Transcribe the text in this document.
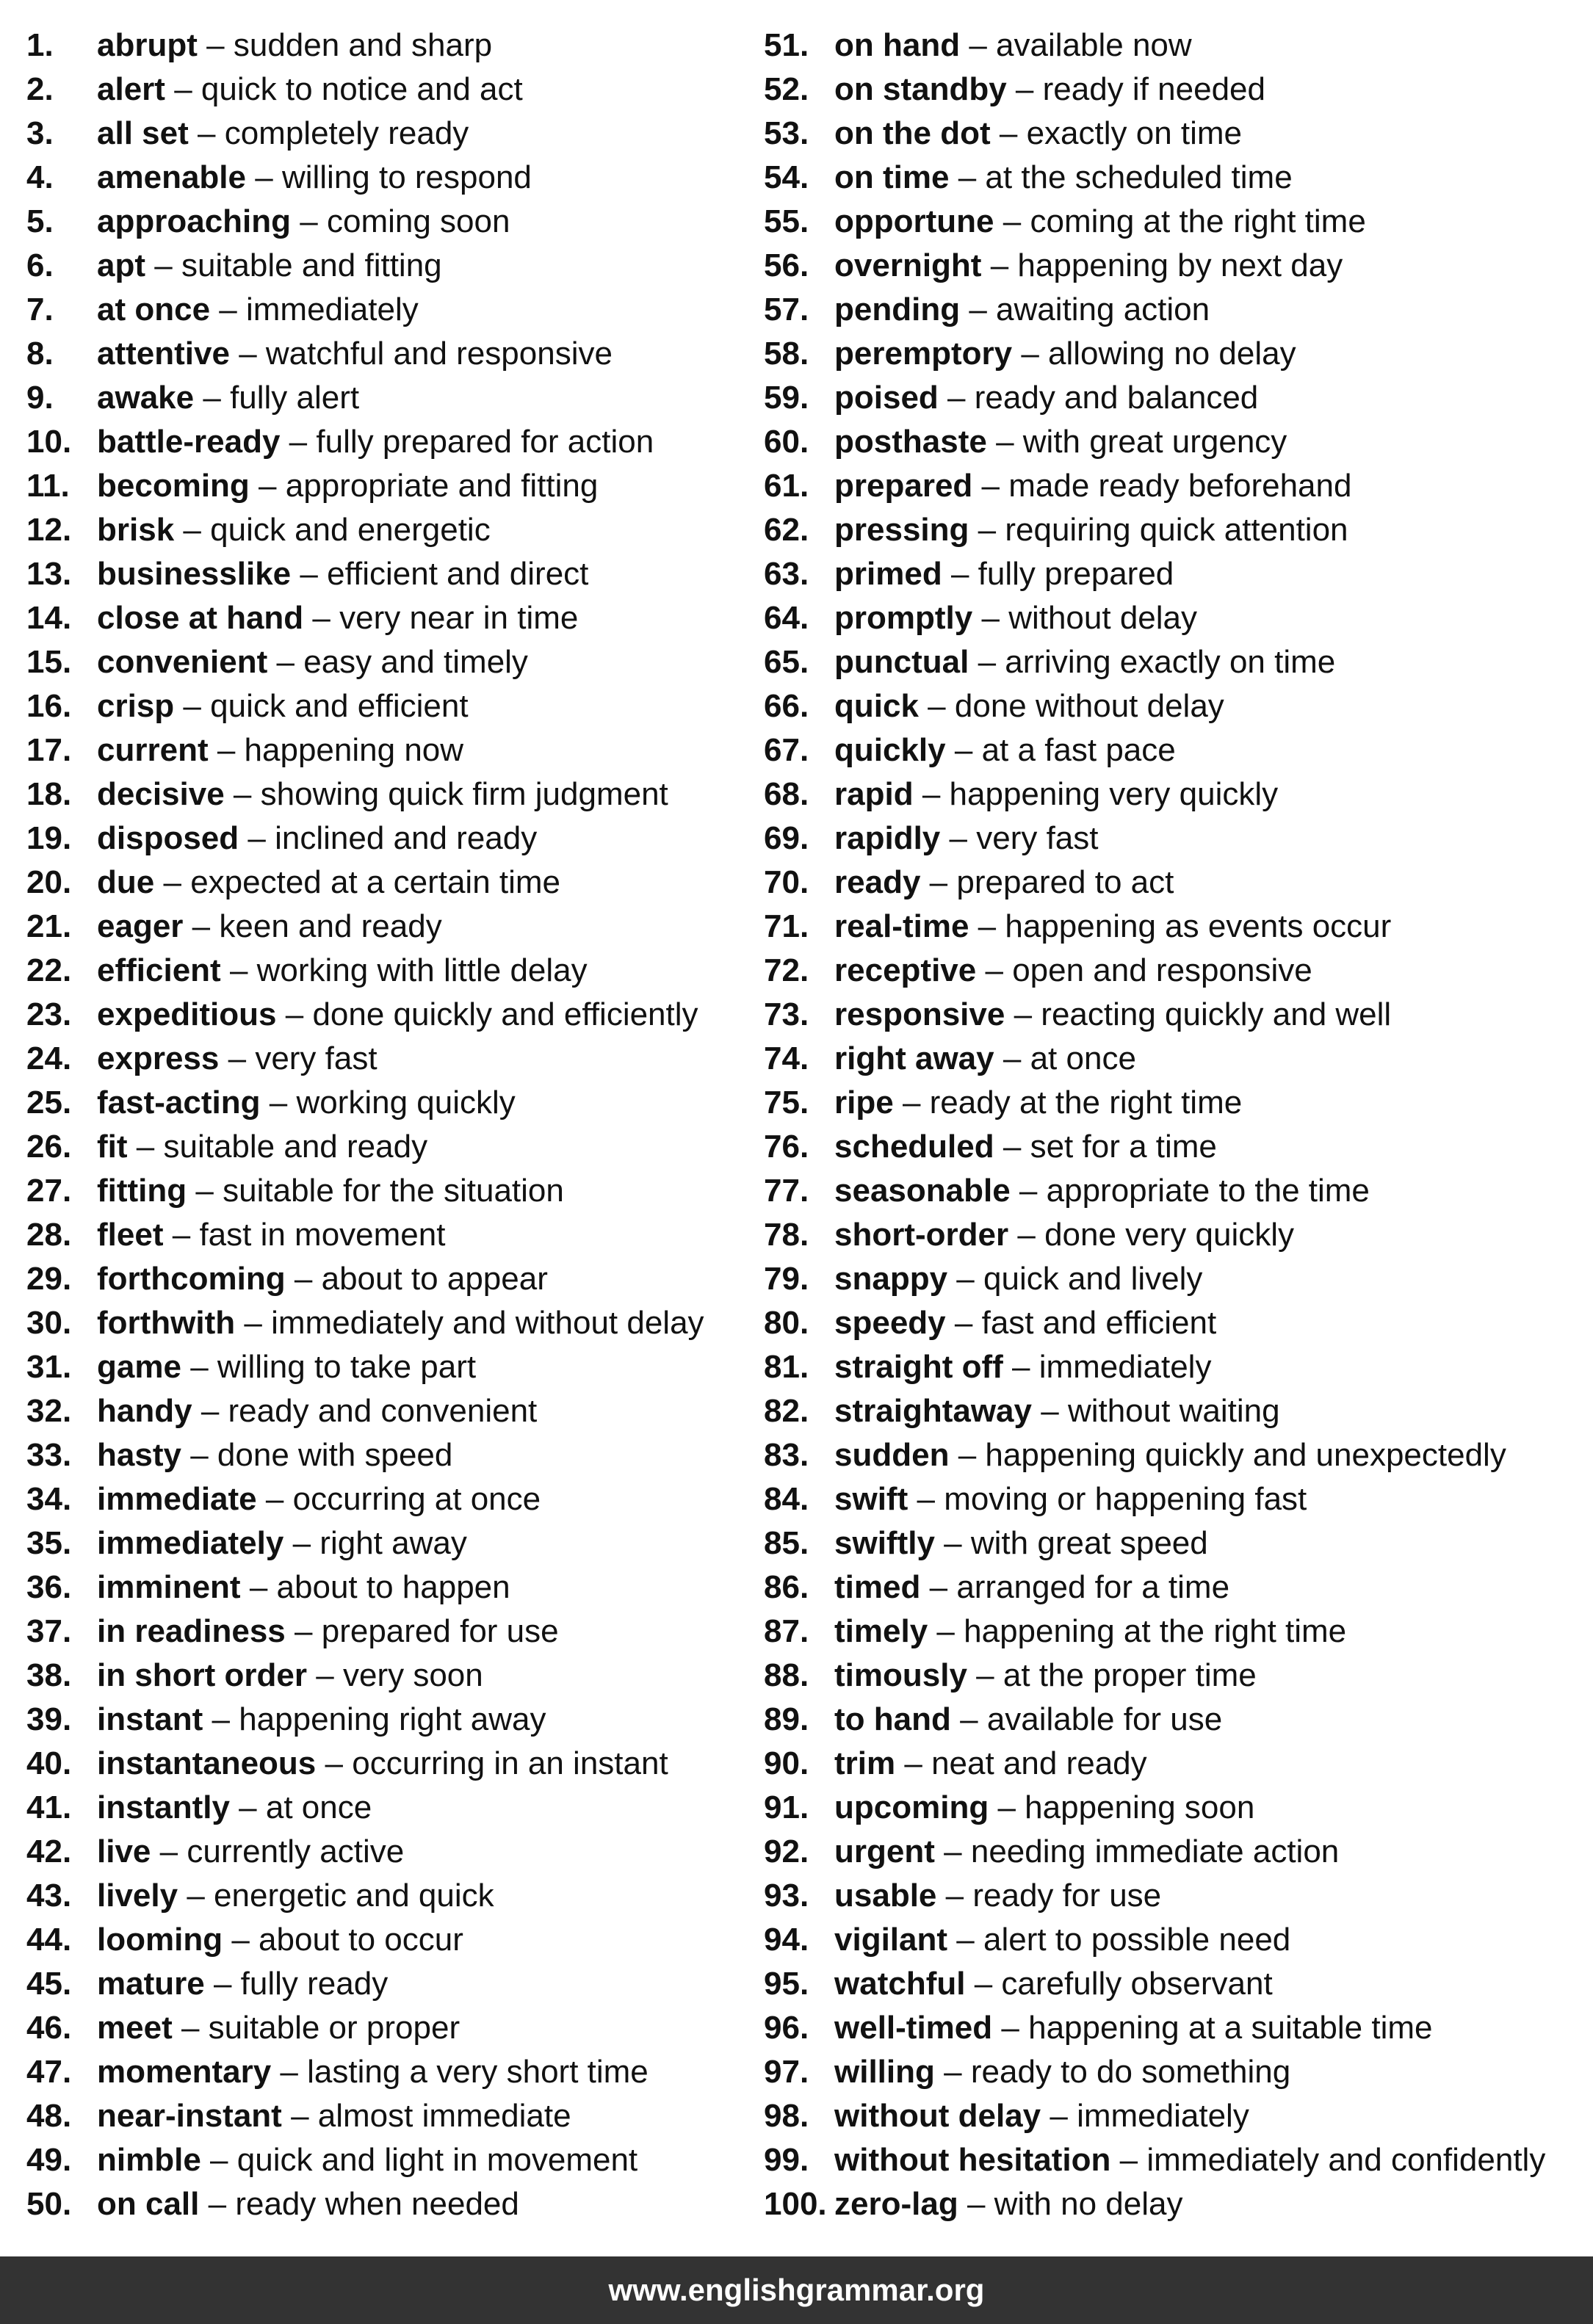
1. abrupt – sudden and sharp
2. alert – quick to notice and act
3. all set – completely ready
4. amenable – willing to respond
5. approaching – coming soon
6. apt – suitable and fitting
7. at once – immediately
8. attentive – watchful and responsive
9. awake – fully alert
10. battle-ready – fully prepared for action
11. becoming – appropriate and fitting
12. brisk – quick and energetic
13. businesslike – efficient and direct
14. close at hand – very near in time
15. convenient – easy and timely
16. crisp – quick and efficient
17. current – happening now
18. decisive – showing quick firm judgment
19. disposed – inclined and ready
20. due – expected at a certain time
21. eager – keen and ready
22. efficient – working with little delay
23. expeditious – done quickly and efficiently
24. express – very fast
25. fast-acting – working quickly
26. fit – suitable and ready
27. fitting – suitable for the situation
28. fleet – fast in movement
29. forthcoming – about to appear
30. forthwith – immediately and without delay
31. game – willing to take part
32. handy – ready and convenient
33. hasty – done with speed
34. immediate – occurring at once
35. immediately – right away
36. imminent – about to happen
37. in readiness – prepared for use
38. in short order – very soon
39. instant – happening right away
40. instantaneous – occurring in an instant
41. instantly – at once
42. live – currently active
43. lively – energetic and quick
44. looming – about to occur
45. mature – fully ready
46. meet – suitable or proper
47. momentary – lasting a very short time
48. near-instant – almost immediate
49. nimble – quick and light in movement
50. on call – ready when needed
51. on hand – available now
52. on standby – ready if needed
53. on the dot – exactly on time
54. on time – at the scheduled time
55. opportune – coming at the right time
56. overnight – happening by next day
57. pending – awaiting action
58. peremptory – allowing no delay
59. poised – ready and balanced
60. posthaste – with great urgency
61. prepared – made ready beforehand
62. pressing – requiring quick attention
63. primed – fully prepared
64. promptly – without delay
65. punctual – arriving exactly on time
66. quick – done without delay
67. quickly – at a fast pace
68. rapid – happening very quickly
69. rapidly – very fast
70. ready – prepared to act
71. real-time – happening as events occur
72. receptive – open and responsive
73. responsive – reacting quickly and well
74. right away – at once
75. ripe – ready at the right time
76. scheduled – set for a time
77. seasonable – appropriate to the time
78. short-order – done very quickly
79. snappy – quick and lively
80. speedy – fast and efficient
81. straight off – immediately
82. straightaway – without waiting
83. sudden – happening quickly and unexpectedly
84. swift – moving or happening fast
85. swiftly – with great speed
86. timed – arranged for a time
87. timely – happening at the right time
88. timously – at the proper time
89. to hand – available for use
90. trim – neat and ready
91. upcoming – happening soon
92. urgent – needing immediate action
93. usable – ready for use
94. vigilant – alert to possible need
95. watchful – carefully observant
96. well-timed – happening at a suitable time
97. willing – ready to do something
98. without delay – immediately
99. without hesitation – immediately and confidently
100. zero-lag – with no delay
www.englishgrammar.org
